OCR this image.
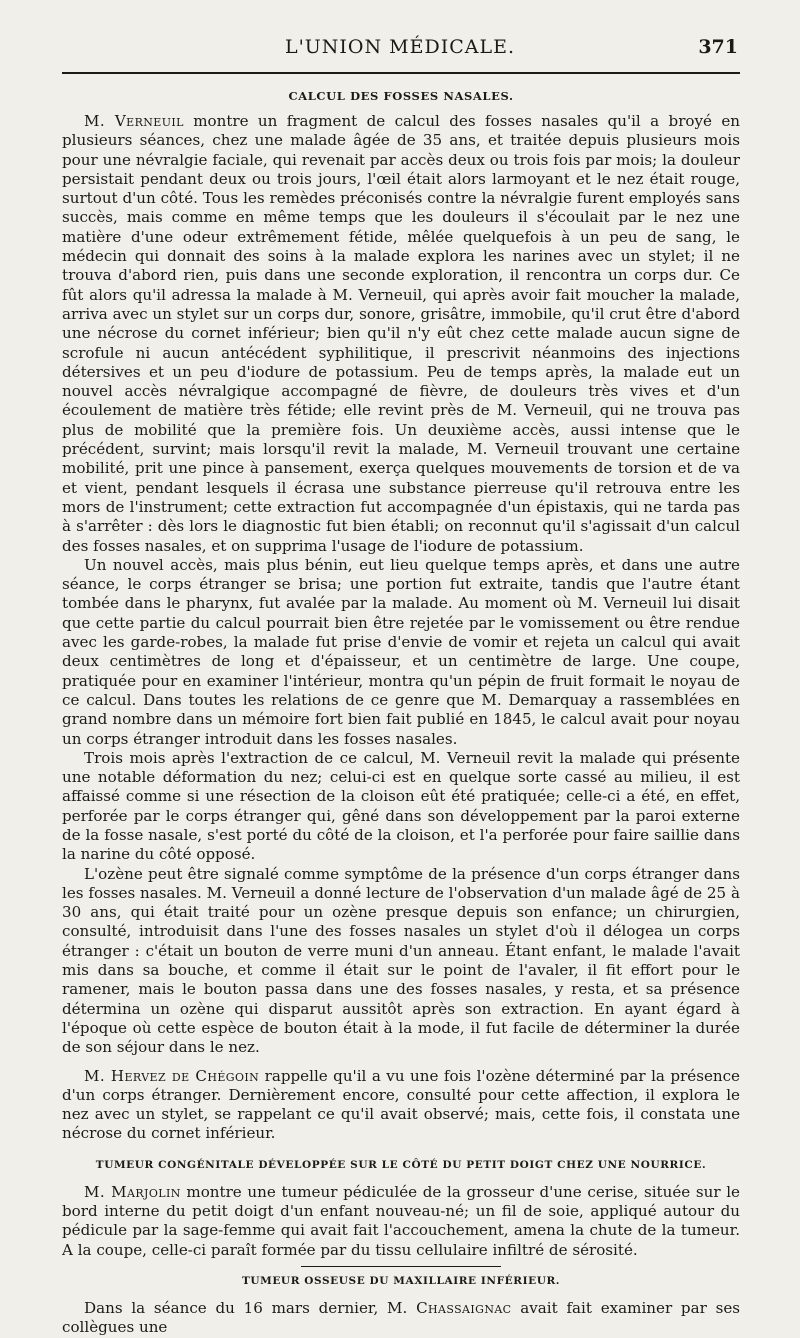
L'UNION MÉDICALE.	371
CALCUL DES FOSSES NASALES.

M. Verneuil montre un fragment de calcul des fosses nasales qu'il a broyé en plusieurs séances, chez une malade âgée de 35 ans, et traitée depuis plusieurs mois pour une névralgie faciale, qui revenait par accès deux ou trois fois par mois; la douleur persistait pendant deux ou trois jours, l'œil était alors larmoyant et le nez était rouge, surtout d'un côté. Tous les remèdes préconisés contre la névralgie furent employés sans succès, mais comme en même temps que les douleurs il s'écoulait par le nez une matière d'une odeur extrêmement fétide, mêlée quelquefois à un peu de sang, le médecin qui donnait des soins à la malade explora les narines avec un stylet; il ne trouva d'abord rien, puis dans une seconde exploration, il rencontra un corps dur. Ce fût alors qu'il adressa la malade à M. Verneuil, qui après avoir fait moucher la malade, arriva avec un stylet sur un corps dur, sonore, grisâtre, immobile, qu'il crut être d'abord une nécrose du cornet inférieur; bien qu'il n'y eût chez cette malade aucun signe de scrofule ni aucun antécédent syphilitique, il prescrivit néanmoins des injections détersives et un peu d'iodure de potassium. Peu de temps après, la malade eut un nouvel accès névralgique accompagné de fièvre, de douleurs très vives et d'un écoulement de matière très fétide; elle revint près de M. Verneuil, qui ne trouva pas plus de mobilité que la première fois. Un deuxième accès, aussi intense que le précédent, survint; mais lorsqu'il revit la malade, M. Verneuil trouvant une certaine mobilité, prit une pince à pansement, exerça quelques mouvements de torsion et de va et vient, pendant lesquels il écrasa une substance pierreuse qu'il retrouva entre les mors de l'instrument; cette extraction fut accompagnée d'un épistaxis, qui ne tarda pas à s'arrêter : dès lors le diagnostic fut bien établi; on reconnut qu'il s'agissait d'un calcul des fosses nasales, et on supprima l'usage de l'iodure de potassium.

Un nouvel accès, mais plus bénin, eut lieu quelque temps après, et dans une autre séance, le corps étranger se brisa; une portion fut extraite, tandis que l'autre étant tombée dans le pharynx, fut avalée par la malade. Au moment où M. Verneuil lui disait que cette partie du calcul pourrait bien être rejetée par le vomissement ou être rendue avec les garde-robes, la malade fut prise d'envie de vomir et rejeta un calcul qui avait deux centimètres de long et d'épaisseur, et un centimètre de large. Une coupe, pratiquée pour en examiner l'intérieur, montra qu'un pépin de fruit formait le noyau de ce calcul. Dans toutes les relations de ce genre que M. Demarquay a rassemblées en grand nombre dans un mémoire fort bien fait publié en 1845, le calcul avait pour noyau un corps étranger introduit dans les fosses nasales.

Trois mois après l'extraction de ce calcul, M. Verneuil revit la malade qui présente une notable déformation du nez; celui-ci est en quelque sorte cassé au milieu, il est affaissé comme si une résection de la cloison eût été pratiquée; celle-ci a été, en effet, perforée par le corps étranger qui, gêné dans son développement par la paroi externe de la fosse nasale, s'est porté du côté de la cloison, et l'a perforée pour faire saillie dans la narine du côté opposé.

L'ozène peut être signalé comme symptôme de la présence d'un corps étranger dans les fosses nasales. M. Verneuil a donné lecture de l'observation d'un malade âgé de 25 à 30 ans, qui était traité pour un ozène presque depuis son enfance; un chirurgien, consulté, introduisit dans l'une des fosses nasales un stylet d'où il délogea un corps étranger : c'était un bouton de verre muni d'un anneau. Étant enfant, le malade l'avait mis dans sa bouche, et comme il était sur le point de l'avaler, il fit effort pour le ramener, mais le bouton passa dans une des fosses nasales, y resta, et sa présence détermina un ozène qui disparut aussitôt après son extraction. En ayant égard à l'époque où cette espèce de bouton était à la mode, il fut facile de déterminer la durée de son séjour dans le nez.

M. Hervez de Chégoin rappelle qu'il a vu une fois l'ozène déterminé par la présence d'un corps étranger. Dernièrement encore, consulté pour cette affection, il explora le nez avec un stylet, se rappelant ce qu'il avait observé; mais, cette fois, il constata une nécrose du cornet inférieur.

TUMEUR CONGÉNITALE DÉVELOPPÉE SUR LE CÔTÉ DU PETIT DOIGT CHEZ UNE NOURRICE.

M. Marjolin montre une tumeur pédiculée de la grosseur d'une cerise, située sur le bord interne du petit doigt d'un enfant nouveau-né; un fil de soie, appliqué autour du pédicule par la sage-femme qui avait fait l'accouchement, amena la chute de la tumeur. A la coupe, celle-ci paraît formée par du tissu cellulaire infiltré de sérosité.

TUMEUR OSSEUSE DU MAXILLAIRE INFÉRIEUR.

Dans la séance du 16 mars dernier, M. Chassaignac avait fait examiner par ses collègues une
